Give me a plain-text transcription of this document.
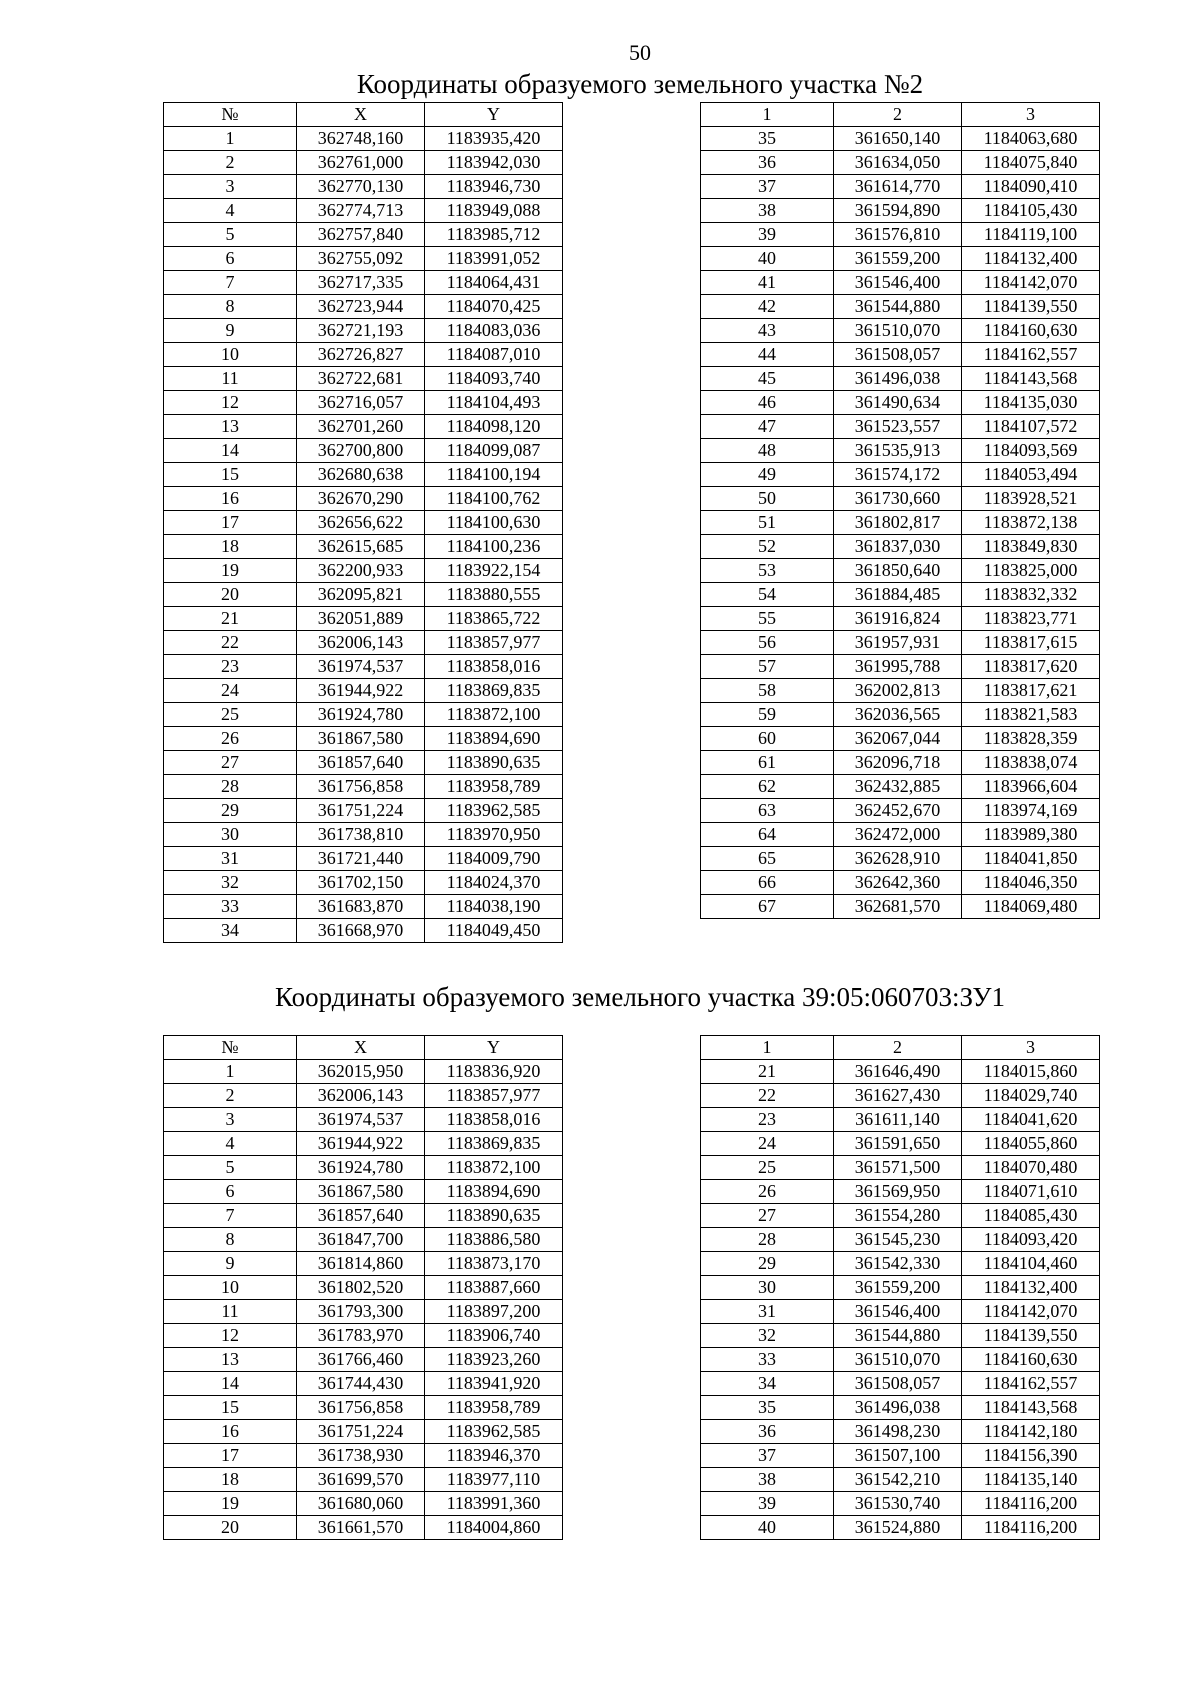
50
Координаты образуемого земельного участка №2
Координаты образуемого земельного участка 39:05:060703:ЗУ1
№	X	Y
1	362748,160	1183935,420
2	362761,000	1183942,030
3	362770,130	1183946,730
4	362774,713	1183949,088
5	362757,840	1183985,712
6	362755,092	1183991,052
7	362717,335	1184064,431
8	362723,944	1184070,425
9	362721,193	1184083,036
10	362726,827	1184087,010
11	362722,681	1184093,740
12	362716,057	1184104,493
13	362701,260	1184098,120
14	362700,800	1184099,087
15	362680,638	1184100,194
16	362670,290	1184100,762
17	362656,622	1184100,630
18	362615,685	1184100,236
19	362200,933	1183922,154
20	362095,821	1183880,555
21	362051,889	1183865,722
22	362006,143	1183857,977
23	361974,537	1183858,016
24	361944,922	1183869,835
25	361924,780	1183872,100
26	361867,580	1183894,690
27	361857,640	1183890,635
28	361756,858	1183958,789
29	361751,224	1183962,585
30	361738,810	1183970,950
31	361721,440	1184009,790
32	361702,150	1184024,370
33	361683,870	1184038,190
34	361668,970	1184049,450
1	2	3
35	361650,140	1184063,680
36	361634,050	1184075,840
37	361614,770	1184090,410
38	361594,890	1184105,430
39	361576,810	1184119,100
40	361559,200	1184132,400
41	361546,400	1184142,070
42	361544,880	1184139,550
43	361510,070	1184160,630
44	361508,057	1184162,557
45	361496,038	1184143,568
46	361490,634	1184135,030
47	361523,557	1184107,572
48	361535,913	1184093,569
49	361574,172	1184053,494
50	361730,660	1183928,521
51	361802,817	1183872,138
52	361837,030	1183849,830
53	361850,640	1183825,000
54	361884,485	1183832,332
55	361916,824	1183823,771
56	361957,931	1183817,615
57	361995,788	1183817,620
58	362002,813	1183817,621
59	362036,565	1183821,583
60	362067,044	1183828,359
61	362096,718	1183838,074
62	362432,885	1183966,604
63	362452,670	1183974,169
64	362472,000	1183989,380
65	362628,910	1184041,850
66	362642,360	1184046,350
67	362681,570	1184069,480
№	X	Y
1	362015,950	1183836,920
2	362006,143	1183857,977
3	361974,537	1183858,016
4	361944,922	1183869,835
5	361924,780	1183872,100
6	361867,580	1183894,690
7	361857,640	1183890,635
8	361847,700	1183886,580
9	361814,860	1183873,170
10	361802,520	1183887,660
11	361793,300	1183897,200
12	361783,970	1183906,740
13	361766,460	1183923,260
14	361744,430	1183941,920
15	361756,858	1183958,789
16	361751,224	1183962,585
17	361738,930	1183946,370
18	361699,570	1183977,110
19	361680,060	1183991,360
20	361661,570	1184004,860
1	2	3
21	361646,490	1184015,860
22	361627,430	1184029,740
23	361611,140	1184041,620
24	361591,650	1184055,860
25	361571,500	1184070,480
26	361569,950	1184071,610
27	361554,280	1184085,430
28	361545,230	1184093,420
29	361542,330	1184104,460
30	361559,200	1184132,400
31	361546,400	1184142,070
32	361544,880	1184139,550
33	361510,070	1184160,630
34	361508,057	1184162,557
35	361496,038	1184143,568
36	361498,230	1184142,180
37	361507,100	1184156,390
38	361542,210	1184135,140
39	361530,740	1184116,200
40	361524,880	1184116,200
